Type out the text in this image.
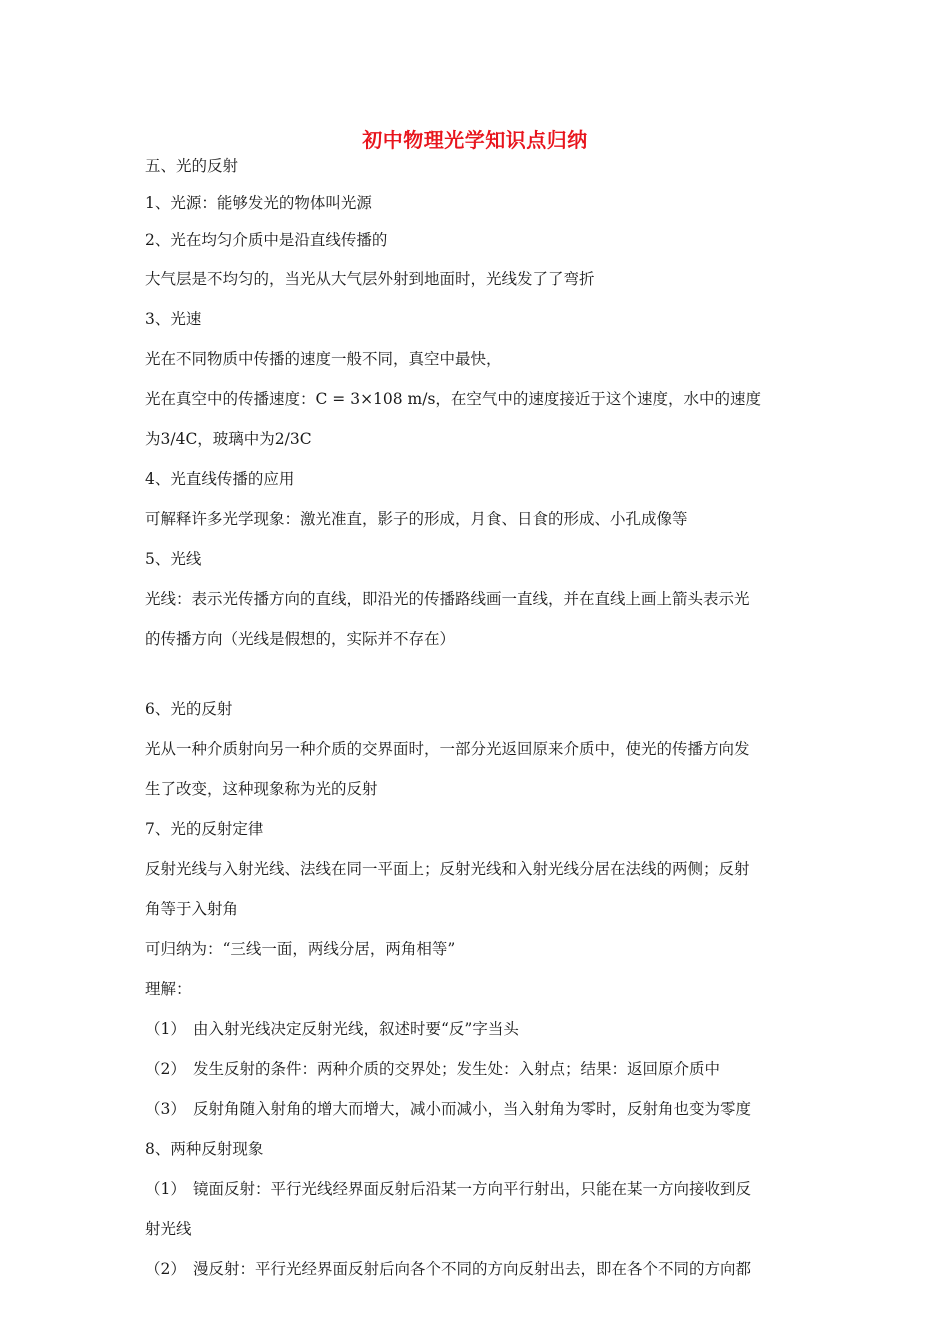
初中物理光学知识点归纳

五、光的反射

1、光源：能够发光的物体叫光源

2、光在均匀介质中是沿直线传播的

大气层是不均匀的，当光从大气层外射到地面时，光线发了了弯折

3、光速

光在不同物质中传播的速度一般不同，真空中最快，

光在真空中的传播速度：C = 3×108 m/s，在空气中的速度接近于这个速度，水中的速度

为3/4C，玻璃中为2/3C

4、光直线传播的应用

可解释许多光学现象：激光准直，影子的形成，月食、日食的形成、小孔成像等

5、光线

光线：表示光传播方向的直线，即沿光的传播路线画一直线，并在直线上画上箭头表示光

的传播方向（光线是假想的，实际并不存在）

6、光的反射

光从一种介质射向另一种介质的交界面时，一部分光返回原来介质中，使光的传播方向发

生了改变，这种现象称为光的反射

7、光的反射定律

反射光线与入射光线、法线在同一平面上；反射光线和入射光线分居在法线的两侧；反射

角等于入射角

可归纳为：“三线一面，两线分居，两角相等”

理解：

（1） 由入射光线决定反射光线，叙述时要“反”字当头

（2） 发生反射的条件：两种介质的交界处；发生处：入射点；结果：返回原介质中

（3） 反射角随入射角的增大而增大，减小而减小，当入射角为零时，反射角也变为零度

8、两种反射现象

（1） 镜面反射：平行光线经界面反射后沿某一方向平行射出，只能在某一方向接收到反

射光线

（2） 漫反射：平行光经界面反射后向各个不同的方向反射出去，即在各个不同的方向都
